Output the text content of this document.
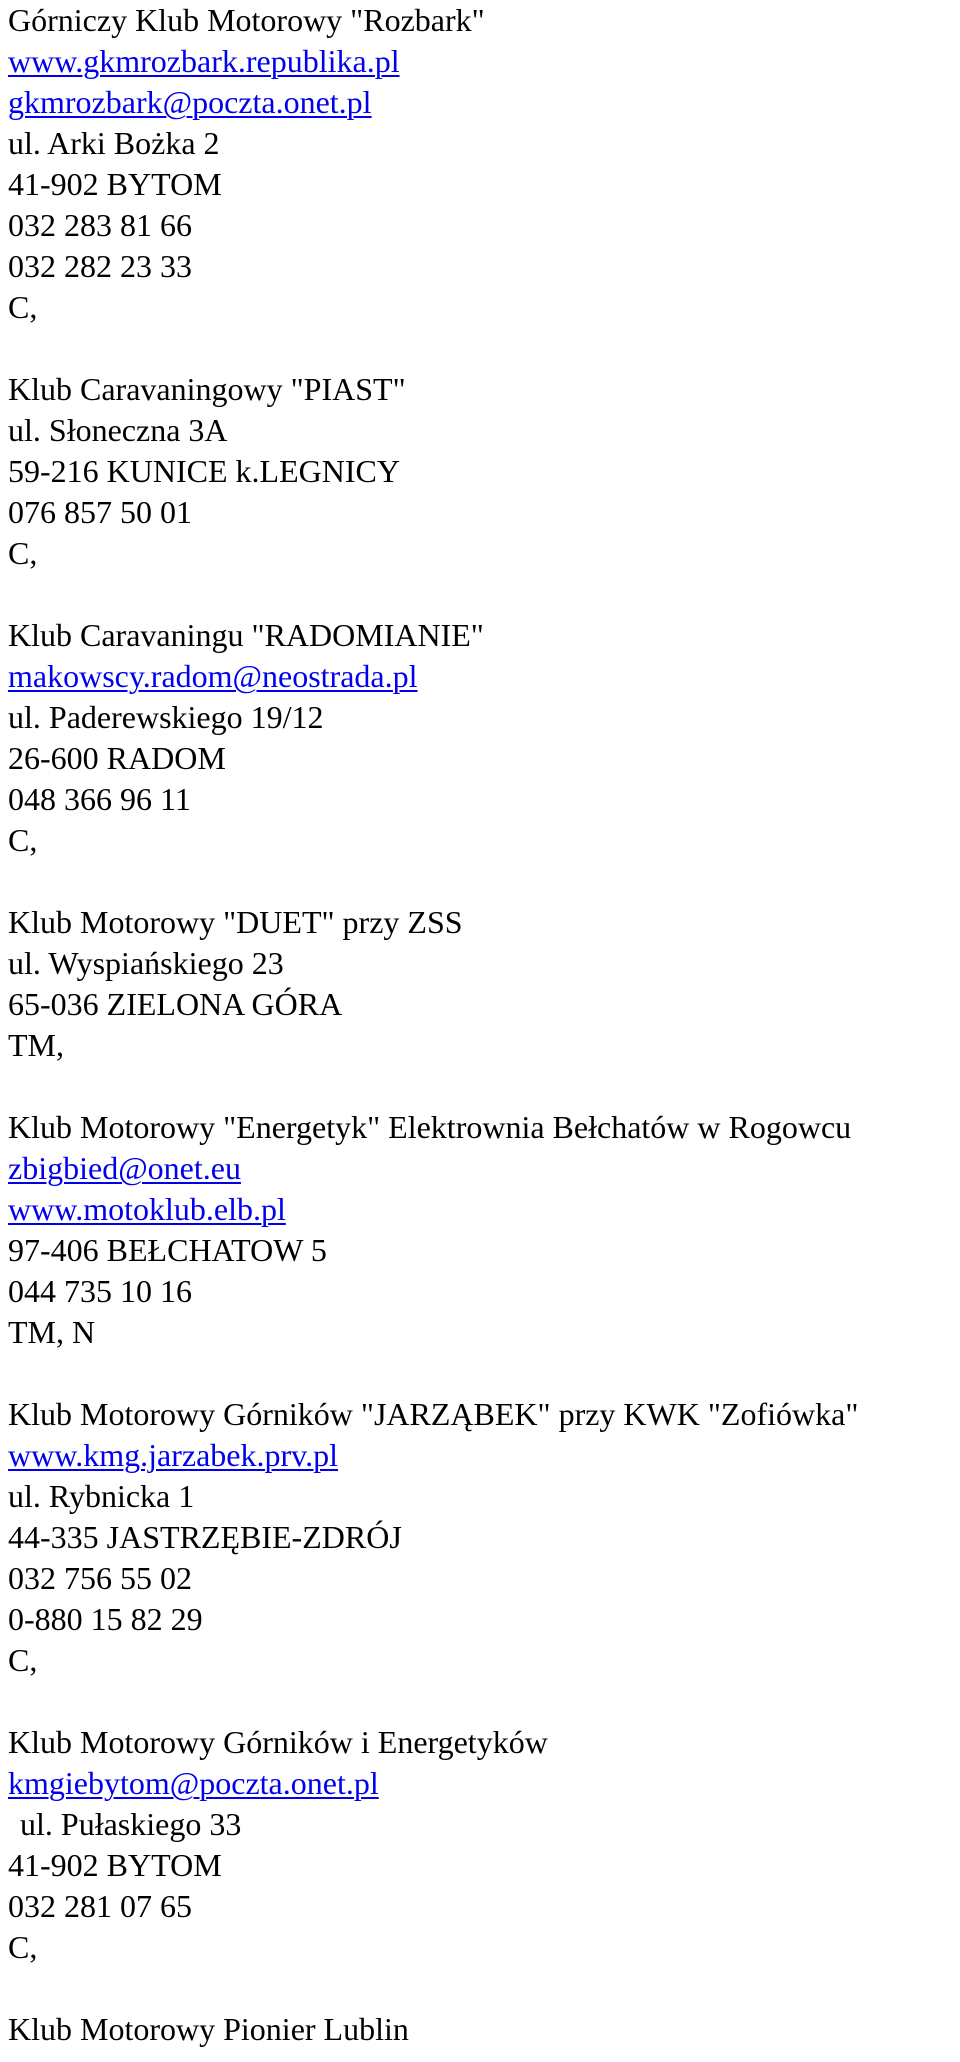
Górniczy Klub Motorowy "Rozbark"

www.gkmrozbark.republika.pl

gkmrozbark@poczta.onet.pl

ul. Arki Bożka 2

41-902 BYTOM

032 283 81 66

032 282 23 33

C,

Klub Caravaningowy "PIAST"

ul. Słoneczna 3A

59-216 KUNICE k.LEGNICY

076 857 50 01

C,

Klub Caravaningu "RADOMIANIE"

makowscy.radom@neostrada.pl

ul. Paderewskiego 19/12

26-600 RADOM

048 366 96 11

C,

Klub Motorowy "DUET" przy ZSS

ul. Wyspiańskiego 23

65-036 ZIELONA GÓRA

TM,

Klub Motorowy "Energetyk" Elektrownia Bełchatów w Rogowcu

zbigbied@onet.eu

www.motoklub.elb.pl

97-406 BEŁCHATOW 5

044 735 10 16

TM, N

Klub Motorowy Górników "JARZĄBEK" przy KWK "Zofiówka"

www.kmg.jarzabek.prv.pl

ul. Rybnicka 1

44-335 JASTRZĘBIE-ZDRÓJ

032 756 55 02

0-880 15 82 29

C,

Klub Motorowy Górników i Energetyków

kmgiebytom@poczta.onet.pl

ul. Pułaskiego 33

41-902 BYTOM

032 281 07 65

C,

Klub Motorowy Pionier Lublin
